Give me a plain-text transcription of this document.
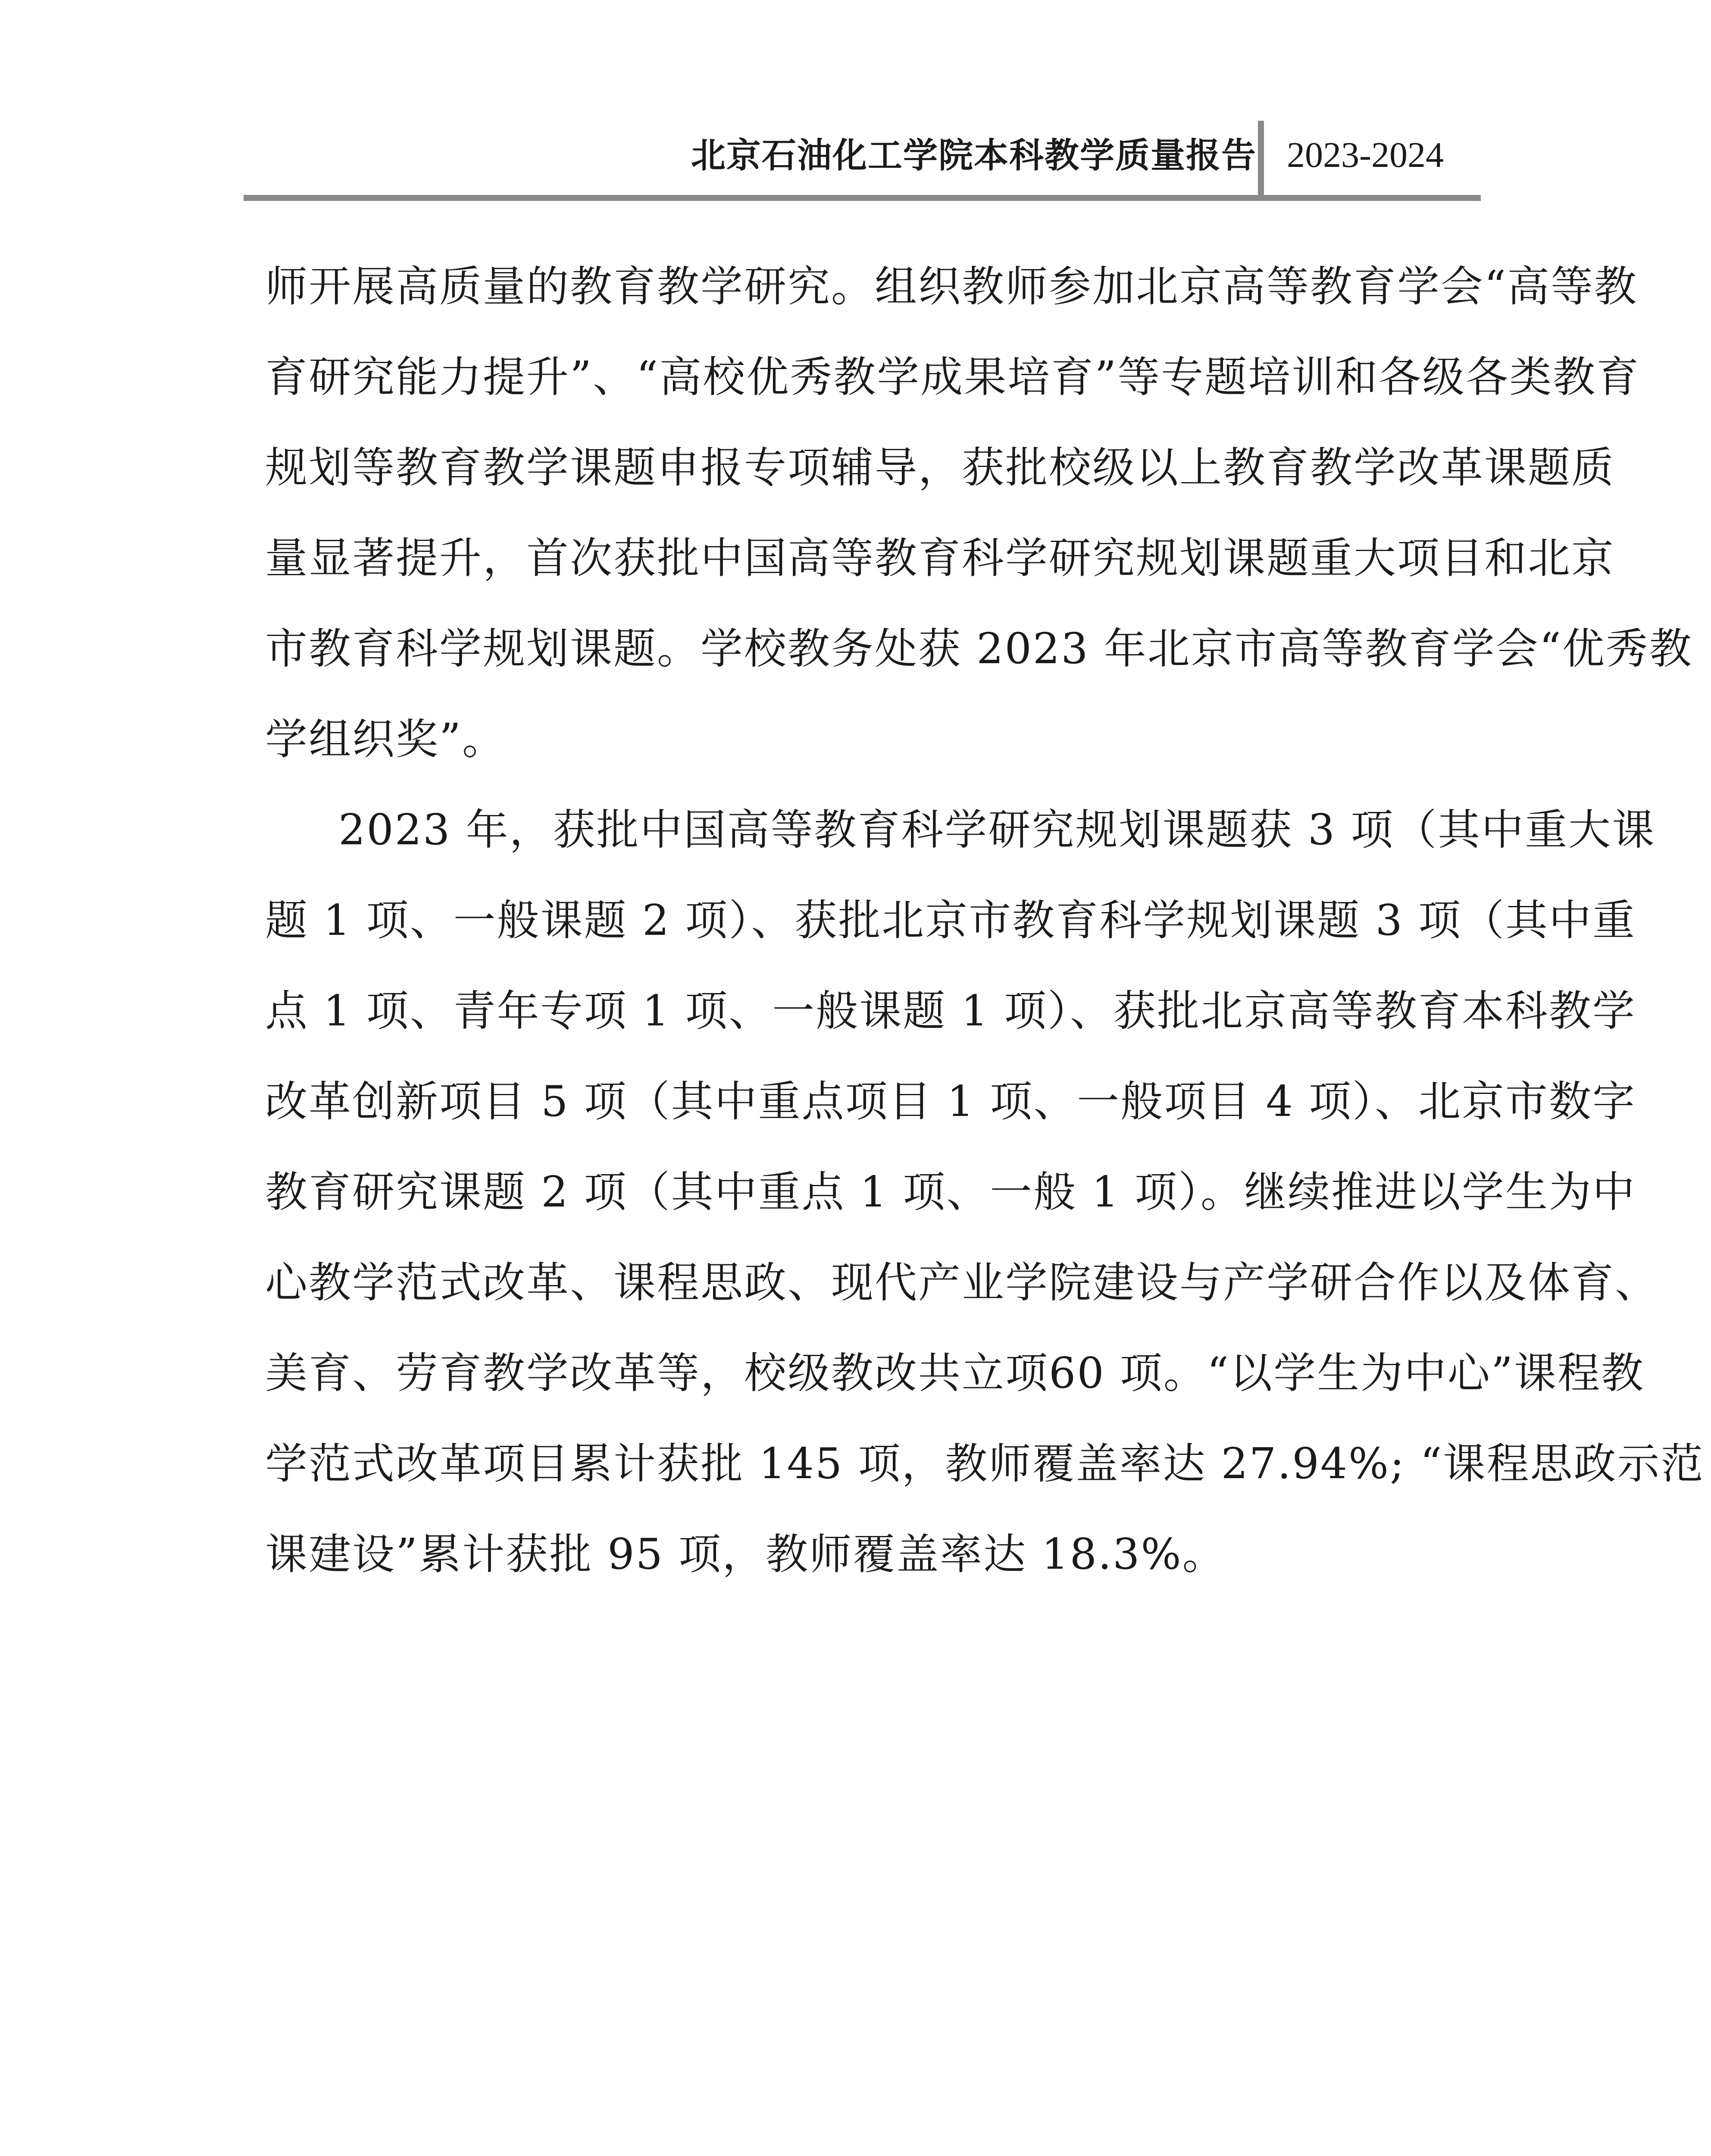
北京石油化工学院本科教学质量报告 2023-2024
师开展高质量的教育教学研究。组织教师参加北京高等教育学会“高等教
育研究能力提升”、“高校优秀教学成果培育”等专题培训和各级各类教育
规划等教育教学课题申报专项辅导，获批校级以上教育教学改革课题质
量显著提升，首次获批中国高等教育科学研究规划课题重大项目和北京
市教育科学规划课题。学校教务处获 2023 年北京市高等教育学会“优秀教
学组织奖”。
2023 年，获批中国高等教育科学研究规划课题获 3 项（其中重大课
题 1 项、一般课题 2 项）、获批北京市教育科学规划课题 3 项（其中重
点 1 项、青年专项 1 项、一般课题 1 项）、获批北京高等教育本科教学
改革创新项目 5 项（其中重点项目 1 项、一般项目 4 项）、北京市数字
教育研究课题 2 项（其中重点 1 项、一般 1 项）。继续推进以学生为中
心教学范式改革、课程思政、现代产业学院建设与产学研合作以及体育、
美育、劳育教学改革等，校级教改共立项60 项。“以学生为中心”课程教
学范式改革项目累计获批 145 项，教师覆盖率达 27.94%; “课程思政示范
课建设”累计获批 95 项，教师覆盖率达 18.3%。
